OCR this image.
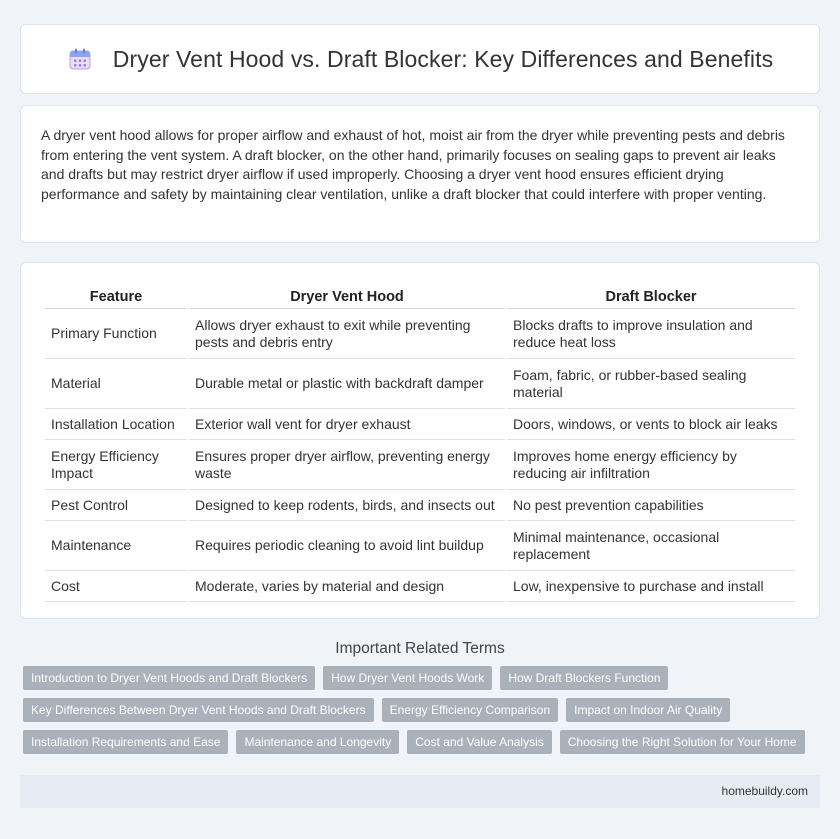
Dryer Vent Hood vs. Draft Blocker: Key Differences and Benefits

A dryer vent hood allows for proper airflow and exhaust of hot, moist air from the dryer while preventing pests and debris from entering the vent system. A draft blocker, on the other hand, primarily focuses on sealing gaps to prevent air leaks and drafts but may restrict dryer airflow if used improperly. Choosing a dryer vent hood ensures efficient drying performance and safety by maintaining clear ventilation, unlike a draft blocker that could interfere with proper venting.

Feature	Dryer Vent Hood	Draft Blocker
Primary Function	Allows dryer exhaust to exit while preventing pests and debris entry	Blocks drafts to improve insulation and reduce heat loss
Material	Durable metal or plastic with backdraft damper	Foam, fabric, or rubber-based sealing material
Installation Location	Exterior wall vent for dryer exhaust	Doors, windows, or vents to block air leaks
Energy Efficiency Impact	Ensures proper dryer airflow, preventing energy waste	Improves home energy efficiency by reducing air infiltration
Pest Control	Designed to keep rodents, birds, and insects out	No pest prevention capabilities
Maintenance	Requires periodic cleaning to avoid lint buildup	Minimal maintenance, occasional replacement
Cost	Moderate, varies by material and design	Low, inexpensive to purchase and install
Important Related Terms
Introduction to Dryer Vent Hoods and Draft Blockers	How Dryer Vent Hoods Work	How Draft Blockers Function
Key Differences Between Dryer Vent Hoods and Draft Blockers	Energy Efficiency Comparison	Impact on Indoor Air Quality
Installation Requirements and Ease	Maintenance and Longevity	Cost and Value Analysis	Choosing the Right Solution for Your Home
homebuildy.com
